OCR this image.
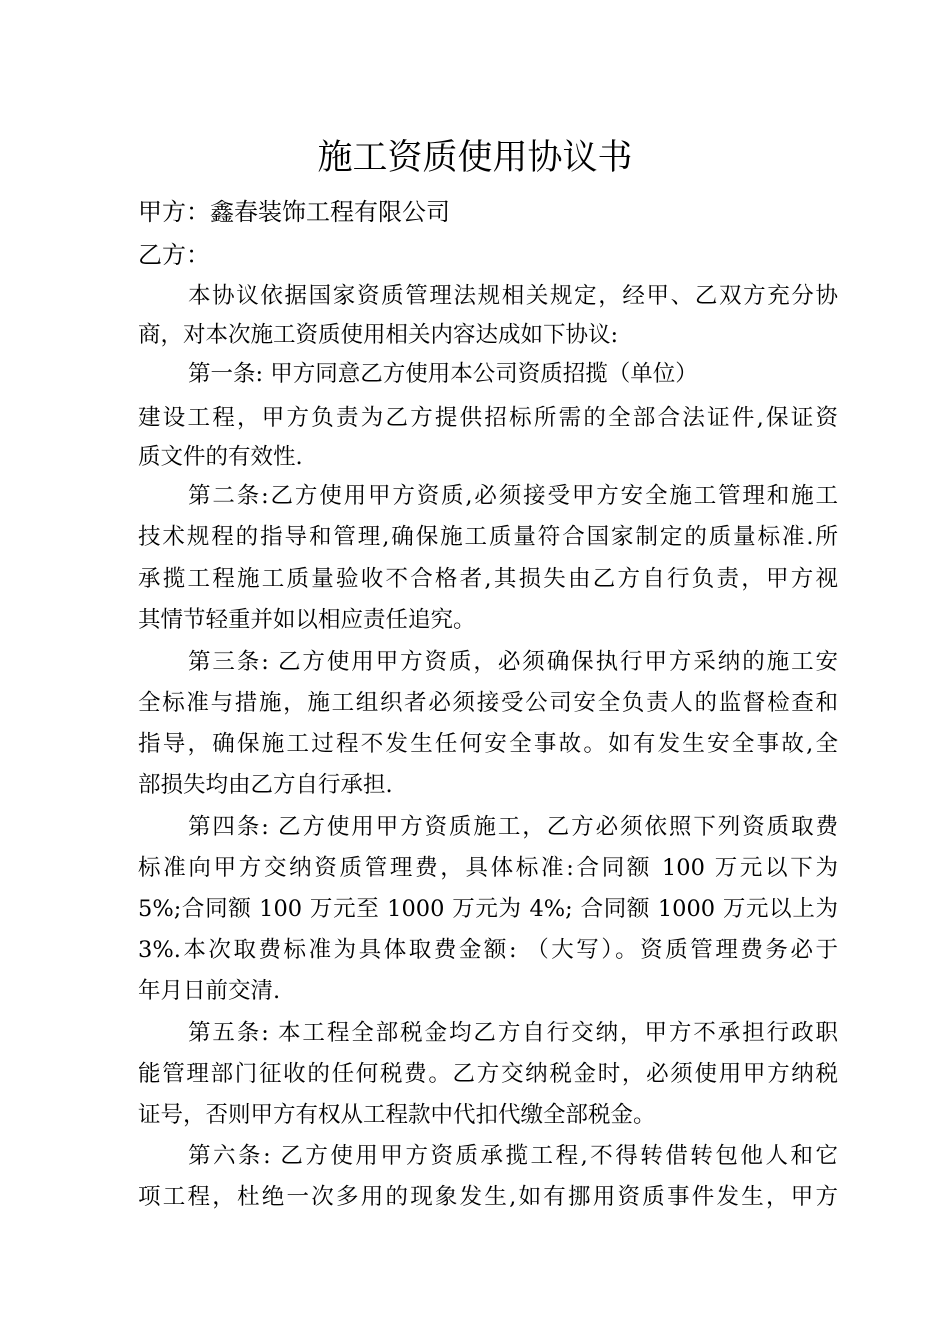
施工资质使用协议书
甲方：鑫春装饰工程有限公司
乙方：
本协议依据国家资质管理法规相关规定，经甲、乙双方充分协
商，对本次施工资质使用相关内容达成如下协议:
第一条: 甲方同意乙方使用本公司资质招揽（单位）
建设工程，甲方负责为乙方提供招标所需的全部合法证件,保证资
质文件的有效性.
第二条:乙方使用甲方资质,必须接受甲方安全施工管理和施工
技术规程的指导和管理,确保施工质量符合国家制定的质量标准.所
承揽工程施工质量验收不合格者,其损失由乙方自行负责，甲方视
其情节轻重并如以相应责任追究。
第三条: 乙方使用甲方资质，必须确保执行甲方采纳的施工安
全标准与措施，施工组织者必须接受公司安全负责人的监督检查和
指导，确保施工过程不发生任何安全事故。如有发生安全事故,全
部损失均由乙方自行承担.
第四条: 乙方使用甲方资质施工，乙方必须依照下列资质取费
标准向甲方交纳资质管理费，具体标准:合同额 100 万元以下为
5%;合同额 100 万元至 1000 万元为 4%; 合同额 1000 万元以上为
3%.本次取费标准为具体取费金额: （大写）。资质管理费务必于
年月日前交清.
第五条: 本工程全部税金均乙方自行交纳，甲方不承担行政职
能管理部门征收的任何税费。乙方交纳税金时，必须使用甲方纳税
证号，否则甲方有权从工程款中代扣代缴全部税金。
第六条: 乙方使用甲方资质承揽工程,不得转借转包他人和它
项工程，杜绝一次多用的现象发生,如有挪用资质事件发生，甲方
